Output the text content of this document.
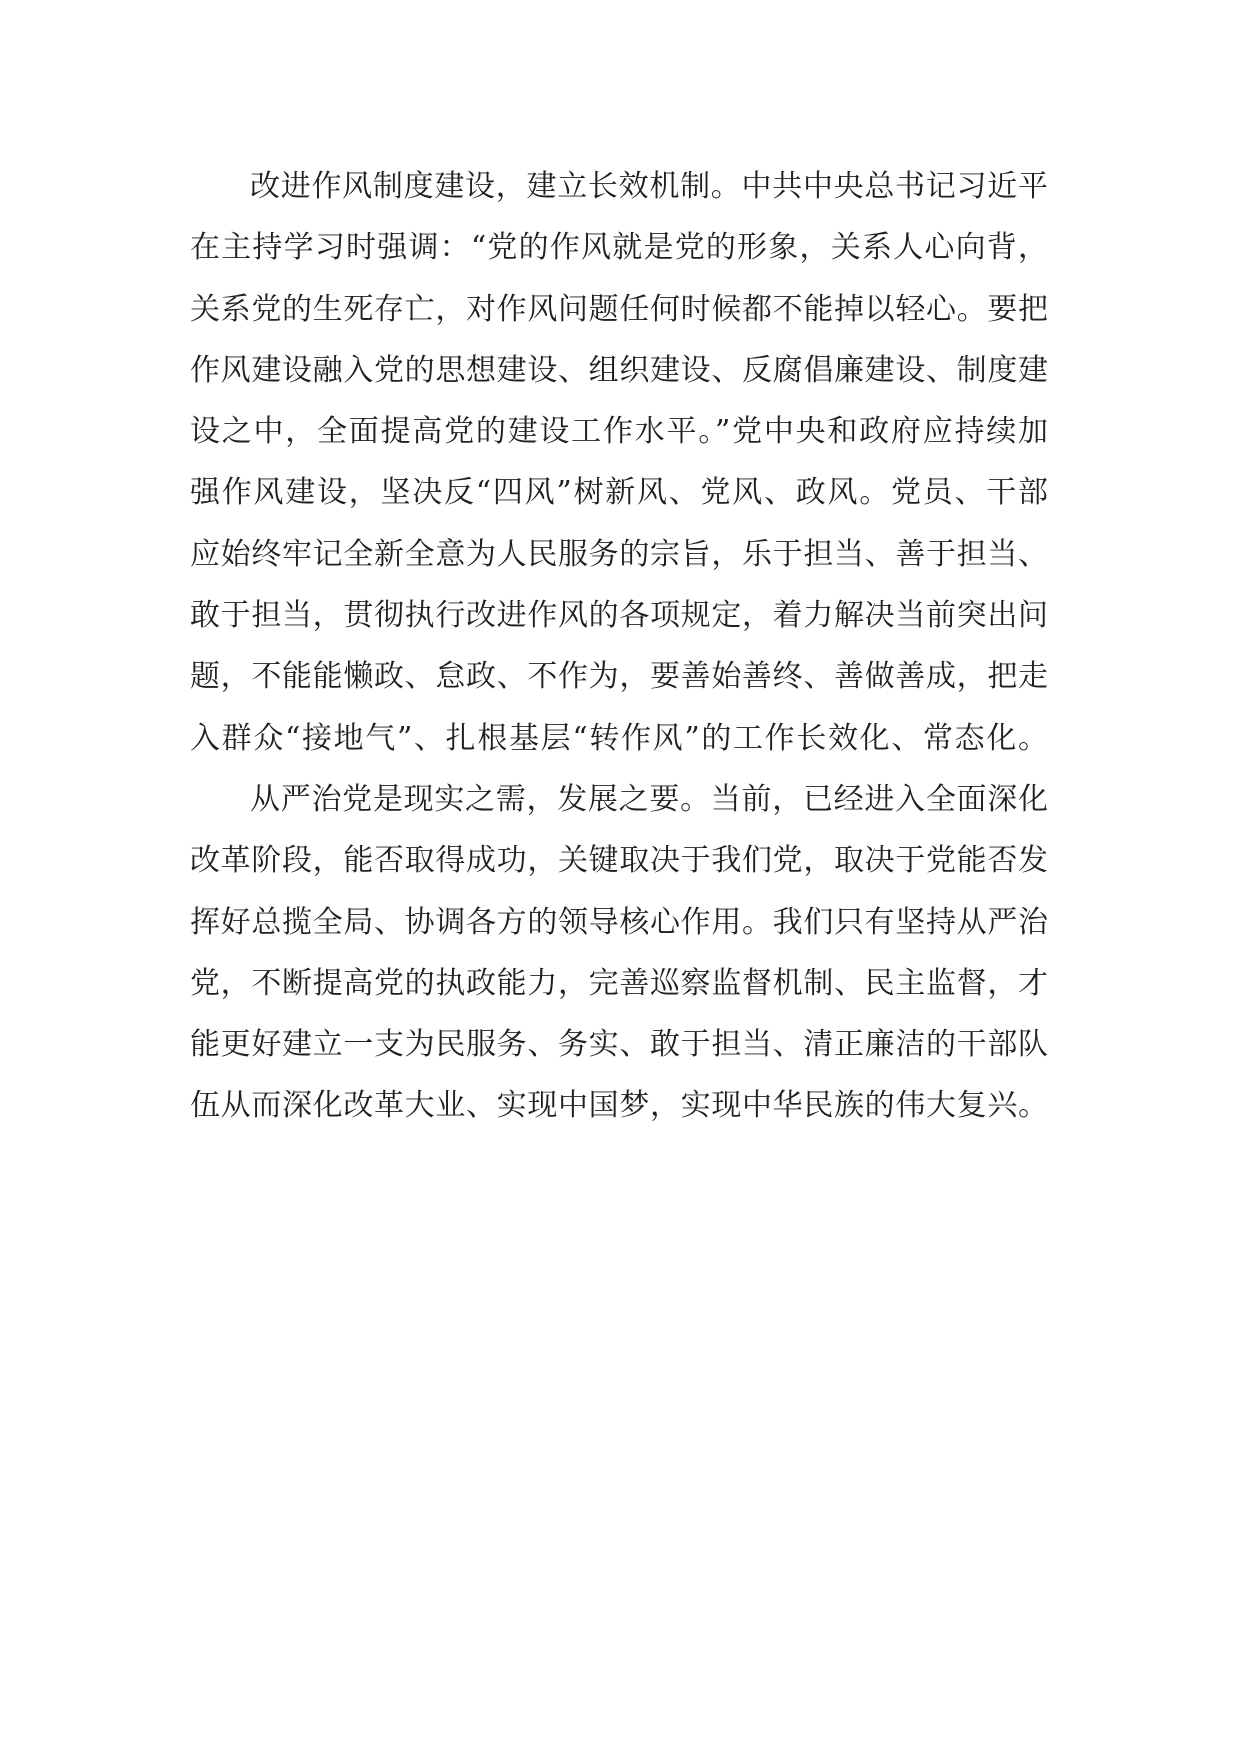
改进作风制度建设，建立长效机制。中共中央总书记习近平
在主持学习时强调：“党的作风就是党的形象，关系人心向背，
关系党的生死存亡，对作风问题任何时候都不能掉以轻心。要把
作风建设融入党的思想建设、组织建设、反腐倡廉建设、制度建
设之中，全面提高党的建设工作水平。”党中央和政府应持续加
强作风建设，坚决反“四风”树新风、党风、政风。党员、干部
应始终牢记全新全意为人民服务的宗旨，乐于担当、善于担当、
敢于担当，贯彻执行改进作风的各项规定，着力解决当前突出问
题，不能能懒政、怠政、不作为，要善始善终、善做善成，把走
入群众“接地气”、扎根基层“转作风”的工作长效化、常态化。
从严治党是现实之需，发展之要。当前，已经进入全面深化
改革阶段，能否取得成功，关键取决于我们党，取决于党能否发
挥好总揽全局、协调各方的领导核心作用。我们只有坚持从严治
党，不断提高党的执政能力，完善巡察监督机制、民主监督，才
能更好建立一支为民服务、务实、敢于担当、清正廉洁的干部队
伍从而深化改革大业、实现中国梦，实现中华民族的伟大复兴。
